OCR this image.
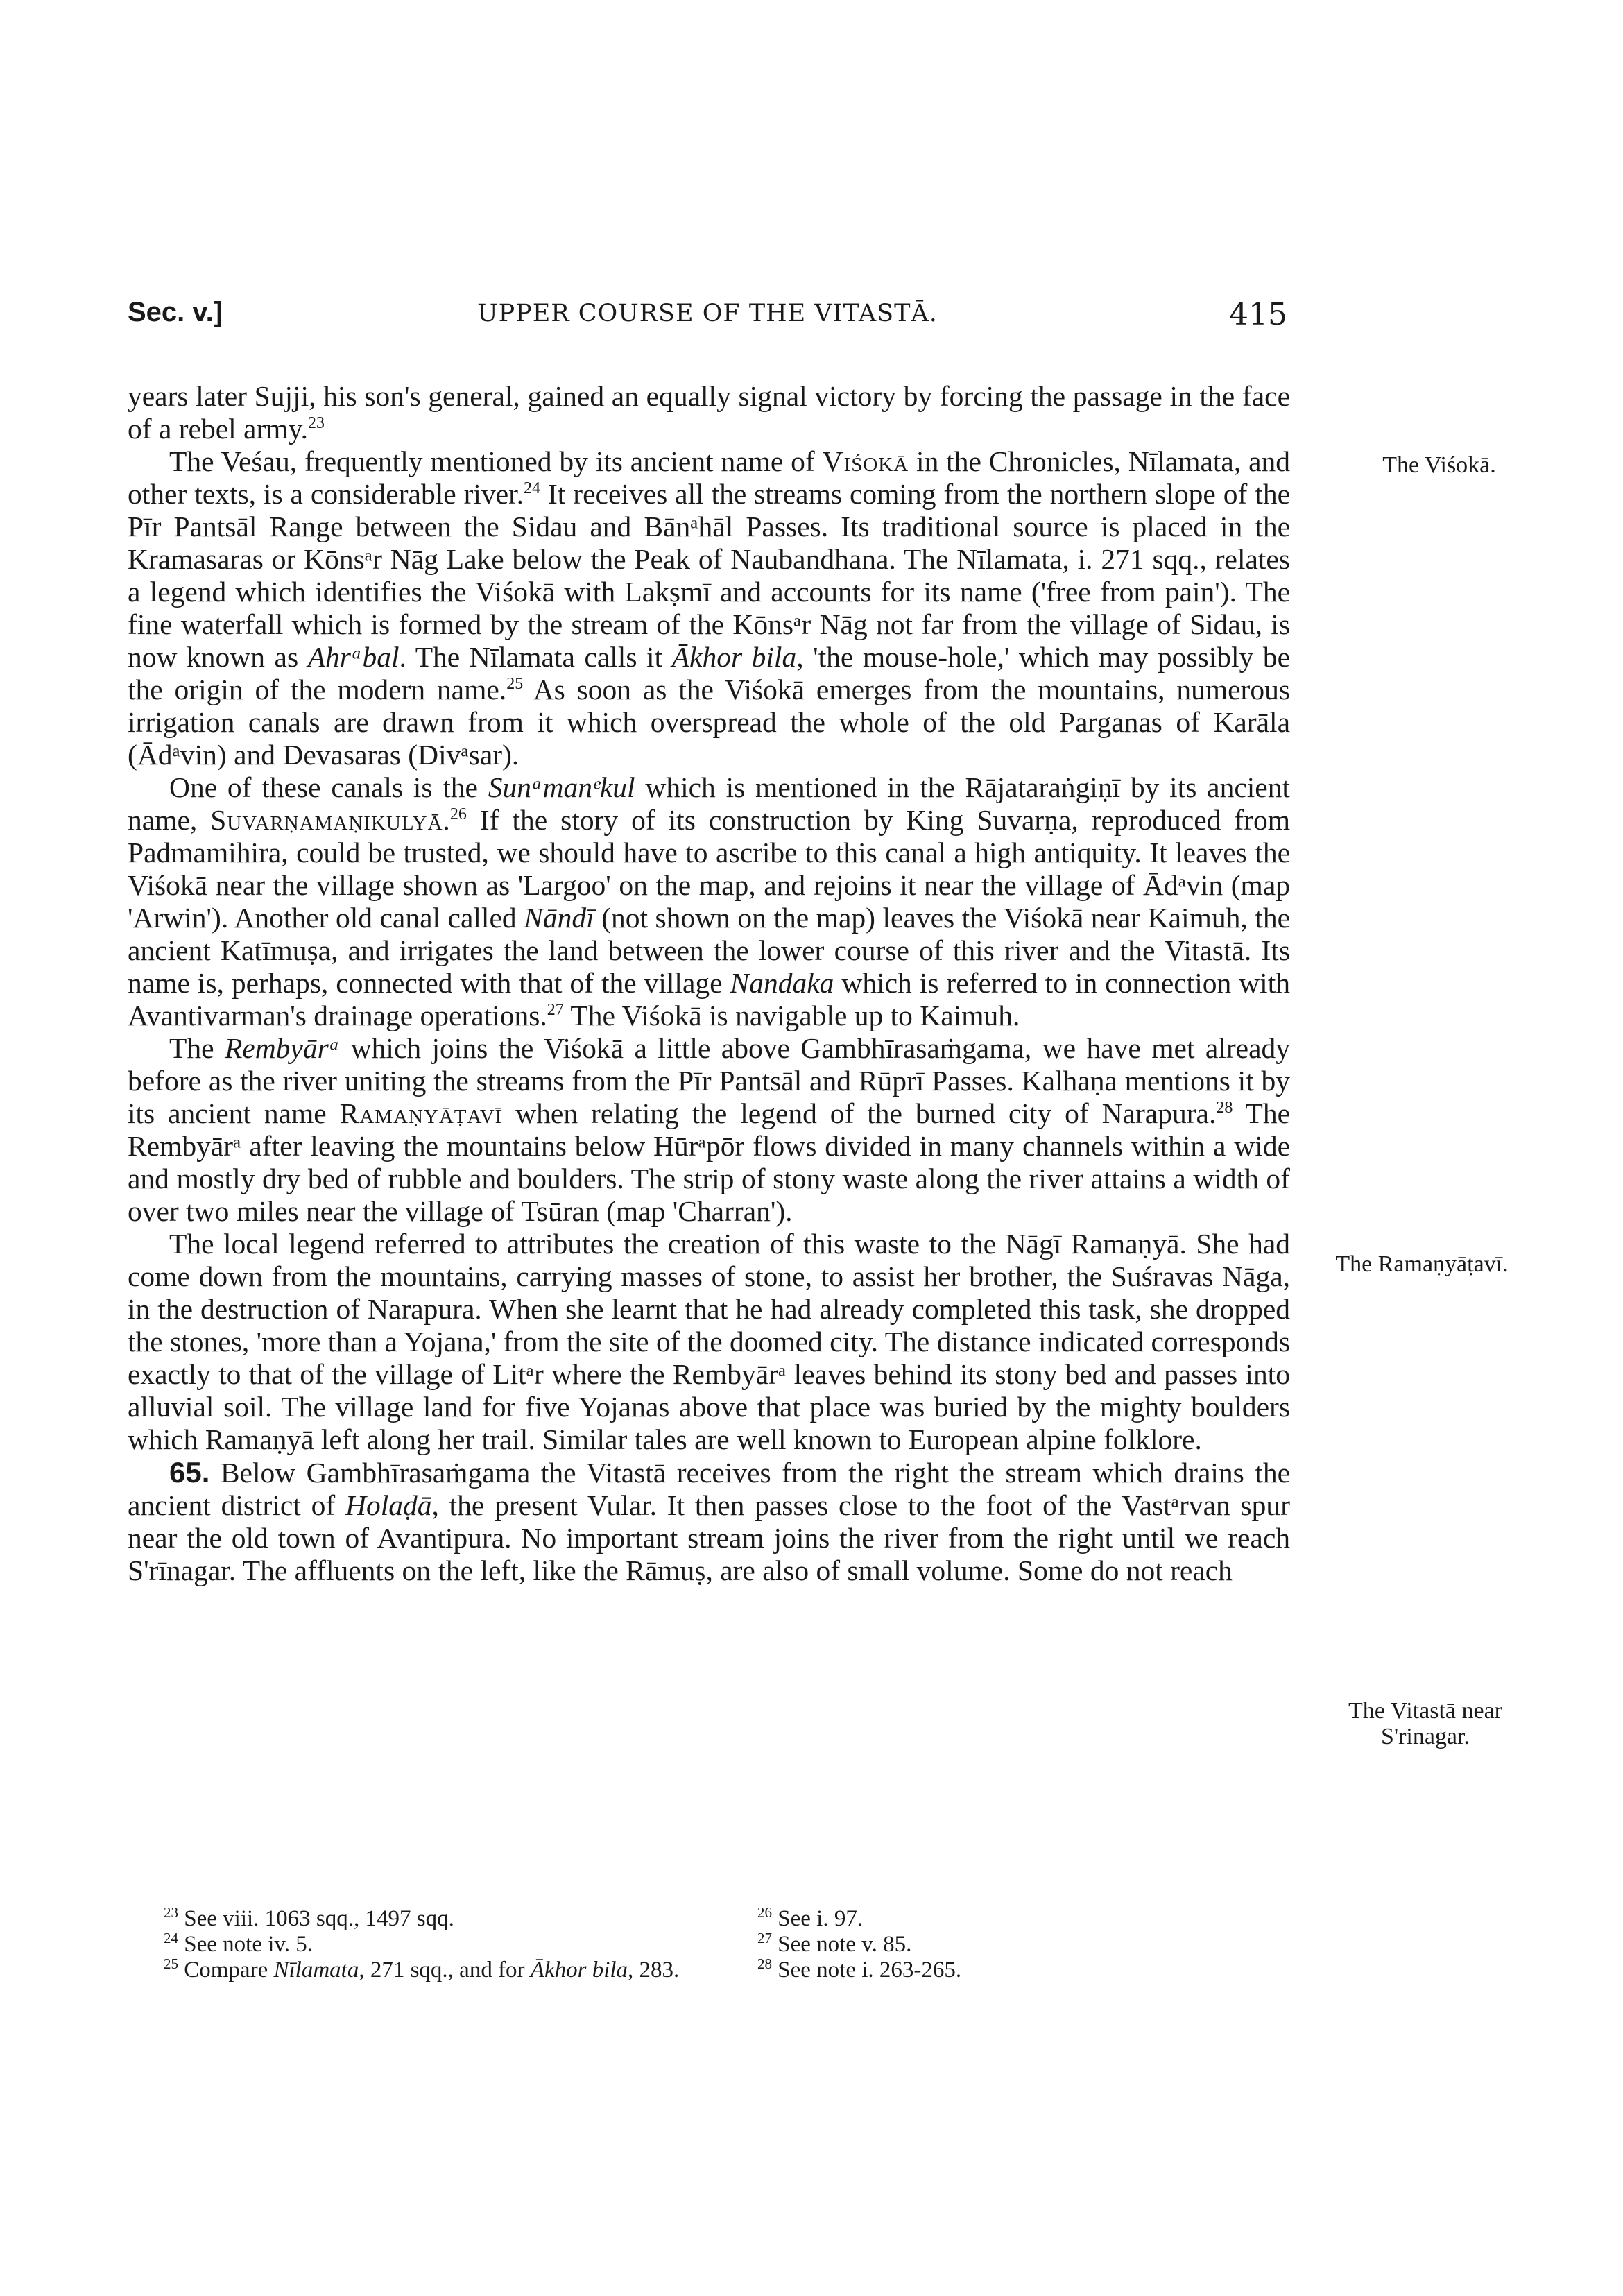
Sec. v.]	UPPER COURSE OF THE VITASTĀ.	415

years later Sujji, his son's general, gained an equally signal victory by forcing the passage in the face of a rebel army.$^{23}$

The Veśau, frequently mentioned by its ancient name of Viśokā in the Chronicles, Nīlamata, and other texts, is a considerable river.$^{24}$ It receives all the streams coming from the northern slope of the Pīr Pantsāl Range between the Sidau and Bānᵃhāl Passes. Its traditional source is placed in the Kramasaras or Kōnsᵃr Nāg Lake below the Peak of Naubandhana. The Nīlamata, i. 271 sqq., relates a legend which identifies the Viśokā with Lakṣmī and accounts for its name ('free from pain'). The fine waterfall which is formed by the stream of the Kōnsᵃr Nāg not far from the village of Sidau, is now known as Ahrᵃbal. The Nīlamata calls it Ākhor bila, 'the mouse-hole,' which may possibly be the origin of the modern name.$^{25}$ As soon as the Viśokā emerges from the mountains, numerous irrigation canals are drawn from it which overspread the whole of the old Parganas of Karāla (Ādᵃvin) and Devasaras (Divᵃsar).

One of these canals is the Sunᵃmanᵉkul which is mentioned in the Rājataraṅgiṇī by its ancient name, Suvarṇamaṇikulyā.$^{26}$ If the story of its construction by King Suvarṇa, reproduced from Padmamihira, could be trusted, we should have to ascribe to this canal a high antiquity. It leaves the Viśokā near the village shown as 'Largoo' on the map, and rejoins it near the village of Ādᵃvin (map 'Arwin'). Another old canal called Nāndī (not shown on the map) leaves the Viśokā near Kaimuh, the ancient Katīmuṣa, and irrigates the land between the lower course of this river and the Vitastā. Its name is, perhaps, connected with that of the village Nandaka which is referred to in connection with Avantivarman's drainage operations.$^{27}$ The Viśokā is navigable up to Kaimuh.

The Rembyārᵃ which joins the Viśokā a little above Gambhīrasaṁgama, we have met already before as the river uniting the streams from the Pīr Pantsāl and Rūprī Passes. Kalhaṇa mentions it by its ancient name Ramaṇyāṭavī when relating the legend of the burned city of Narapura.$^{28}$ The Rembyārᵃ after leaving the mountains below Hūrᵃpōr flows divided in many channels within a wide and mostly dry bed of rubble and boulders. The strip of stony waste along the river attains a width of over two miles near the village of Tsūran (map 'Charran').

The local legend referred to attributes the creation of this waste to the Nāgī Ramaṇyā. She had come down from the mountains, carrying masses of stone, to assist her brother, the Suśravas Nāga, in the destruction of Narapura. When she learnt that he had already completed this task, she dropped the stones, 'more than a Yojana,' from the site of the doomed city. The distance indicated corresponds exactly to that of the village of Litᵃr where the Rembyārᵃ leaves behind its stony bed and passes into alluvial soil. The village land for five Yojanas above that place was buried by the mighty boulders which Ramaṇyā left along her trail. Similar tales are well known to European alpine folklore.

65. Below Gambhīrasaṁgama the Vitastā receives from the right the stream which drains the ancient district of Holaḍā, the present Vular. It then passes close to the foot of the Vastᵃrvan spur near the old town of Avantipura. No important stream joins the river from the right until we reach S'rīnagar. The affluents on the left, like the Rāmuṣ, are also of small volume. Some do not reach

The Viśokā.
The Ramaṇyāṭavī.
The Vitastā near S'rinagar.

$^{23}$ See viii. 1063 sqq., 1497 sqq.

$^{24}$ See note iv. 5.

$^{25}$ Compare Nīlamata, 271 sqq., and for Ākhor bila, 283.

$^{26}$ See i. 97.

$^{27}$ See note v. 85.

$^{28}$ See note i. 263-265.
